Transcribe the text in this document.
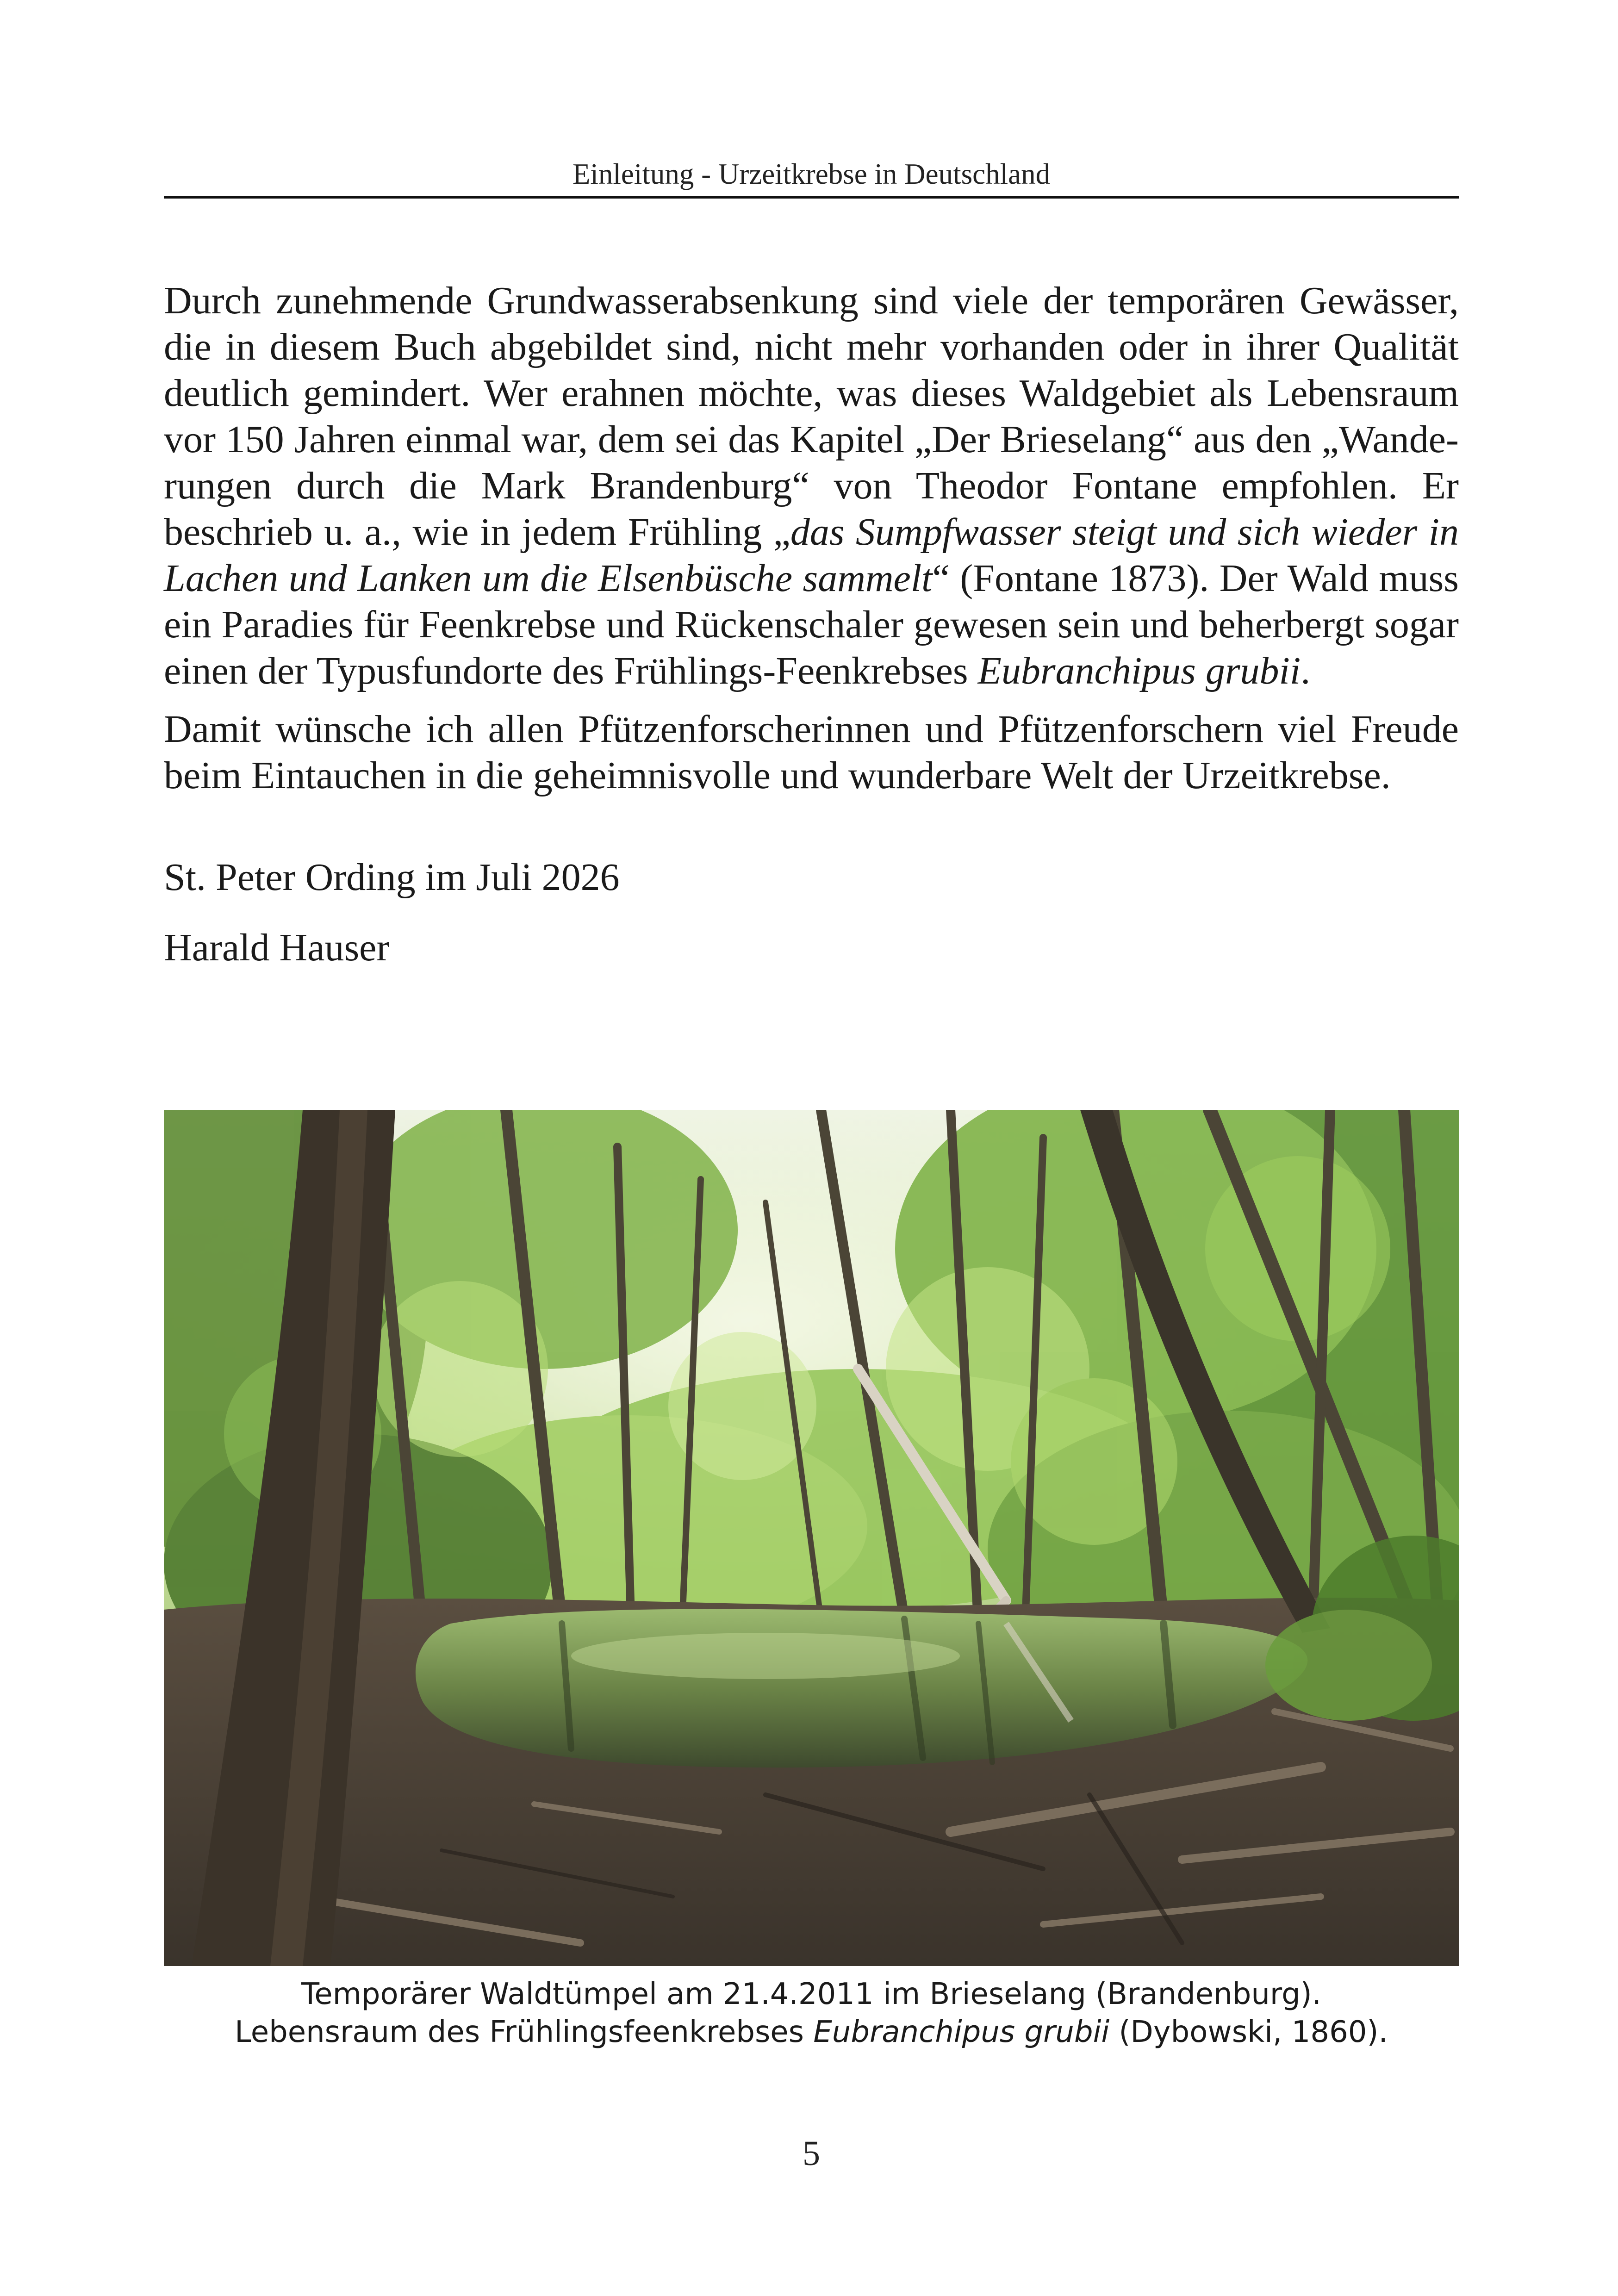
Einleitung - Urzeitkrebse in Deutschland

Durch zunehmende Grundwasserabsenkung sind viele der temporären Gewässer, die in diesem Buch abgebildet sind, nicht mehr vorhanden oder in ihrer Qualität deutlich gemindert. Wer erahnen möchte, was dieses Waldgebiet als Lebensraum vor 150 Jahren einmal war, dem sei das Kapitel „Der Brieselang“ aus den „Wanderungen durch die Mark Brandenburg“ von Theodor Fontane empfohlen. Er beschrieb u. a., wie in jedem Frühling „das Sumpfwasser steigt und sich wieder in Lachen und Lanken um die Elsenbüsche sammelt“ (Fontane 1873). Der Wald muss ein Paradies für Feenkrebse und Rückenschaler gewesen sein und beherbergt sogar einen der Typusfundorte des Frühlings-Feenkrebses Eubranchipus grubii.

Damit wünsche ich allen Pfützenforscherinnen und Pfützenforschern viel Freude beim Eintauchen in die geheimnisvolle und wunderbare Welt der Urzeitkrebse.

St. Peter Ording im Juli 2026

Harald Hauser

Temporärer Waldtümpel am 21.4.2011 im Brieselang (Brandenburg).
Lebensraum des Frühlingsfeenkrebses Eubranchipus grubii (Dybowski, 1860).
5
